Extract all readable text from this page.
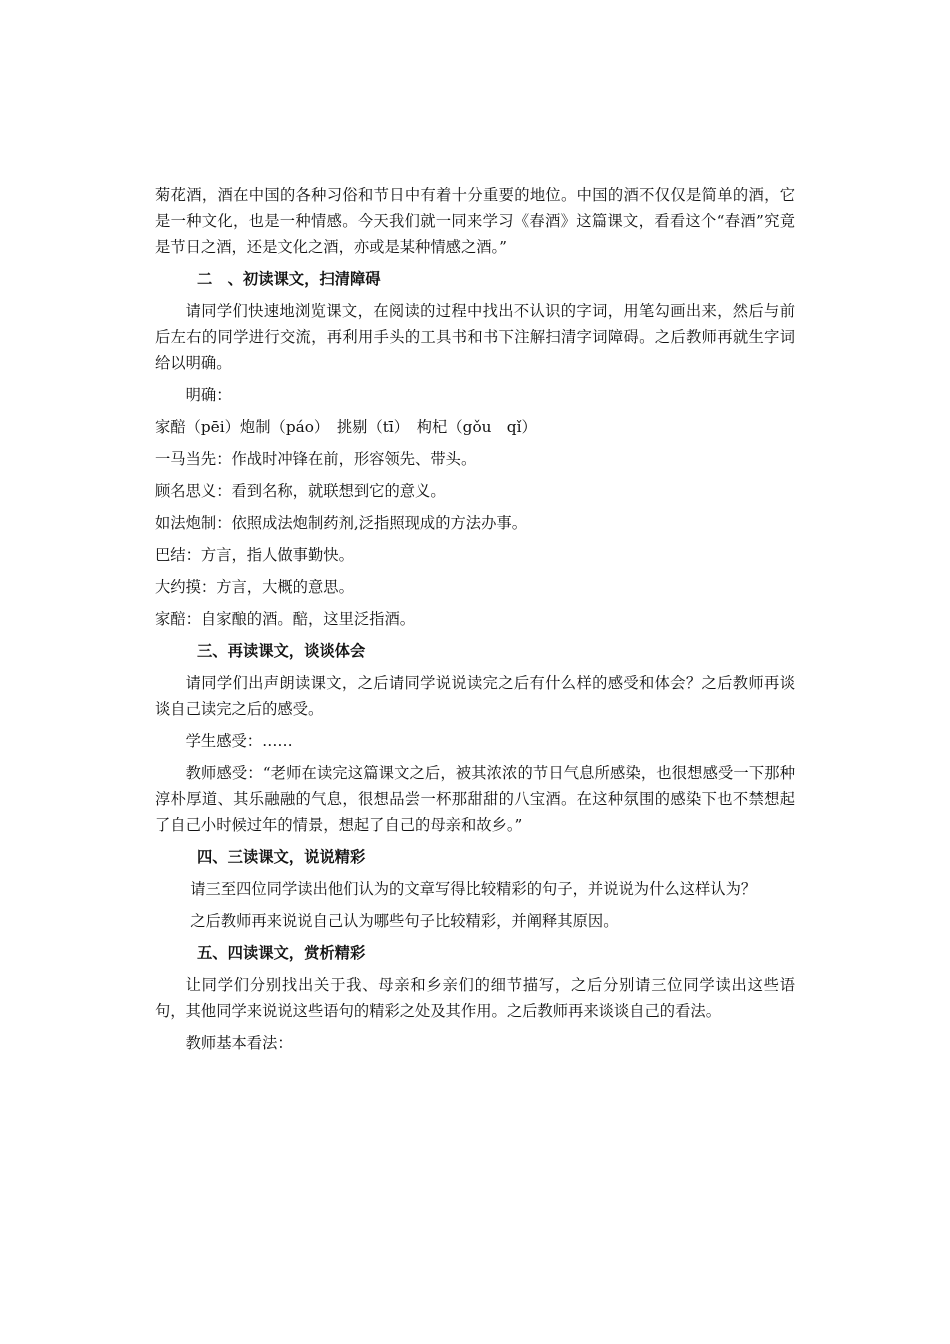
菊花酒，酒在中国的各种习俗和节日中有着十分重要的地位。中国的酒不仅仅是简单的酒，它是一种文化，也是一种情感。今天我们就一同来学习《春酒》这篇课文，看看这个“春酒”究竟是节日之酒，还是文化之酒，亦或是某种情感之酒。”

二　、初读课文，扫清障碍

请同学们快速地浏览课文，在阅读的过程中找出不认识的字词，用笔勾画出来，然后与前后左右的同学进行交流，再利用手头的工具书和书下注解扫清字词障碍。之后教师再就生字词给以明确。

明确：

家醅（pēi）炮制（páo）　挑剔（tī）　枸杞（gǒu　qǐ）

一马当先：作战时冲锋在前，形容领先、带头。

顾名思义：看到名称，就联想到它的意义。

如法炮制：依照成法炮制药剂,泛指照现成的方法办事。

巴结：方言，指人做事勤快。

大约摸：方言，大概的意思。

家醅：自家酿的酒。醅，这里泛指酒。

三、再读课文，谈谈体会

请同学们出声朗读课文，之后请同学说说读完之后有什么样的感受和体会？之后教师再谈谈自己读完之后的感受。

学生感受：……

教师感受：“老师在读完这篇课文之后，被其浓浓的节日气息所感染，也很想感受一下那种淳朴厚道、其乐融融的气息，很想品尝一杯那甜甜的八宝酒。在这种氛围的感染下也不禁想起了自己小时候过年的情景，想起了自己的母亲和故乡。”

四、三读课文，说说精彩

请三至四位同学读出他们认为的文章写得比较精彩的句子，并说说为什么这样认为？

之后教师再来说说自己认为哪些句子比较精彩，并阐释其原因。

五、四读课文，赏析精彩

让同学们分别找出关于我、母亲和乡亲们的细节描写，之后分别请三位同学读出这些语句，其他同学来说说这些语句的精彩之处及其作用。之后教师再来谈谈自己的看法。

教师基本看法：
